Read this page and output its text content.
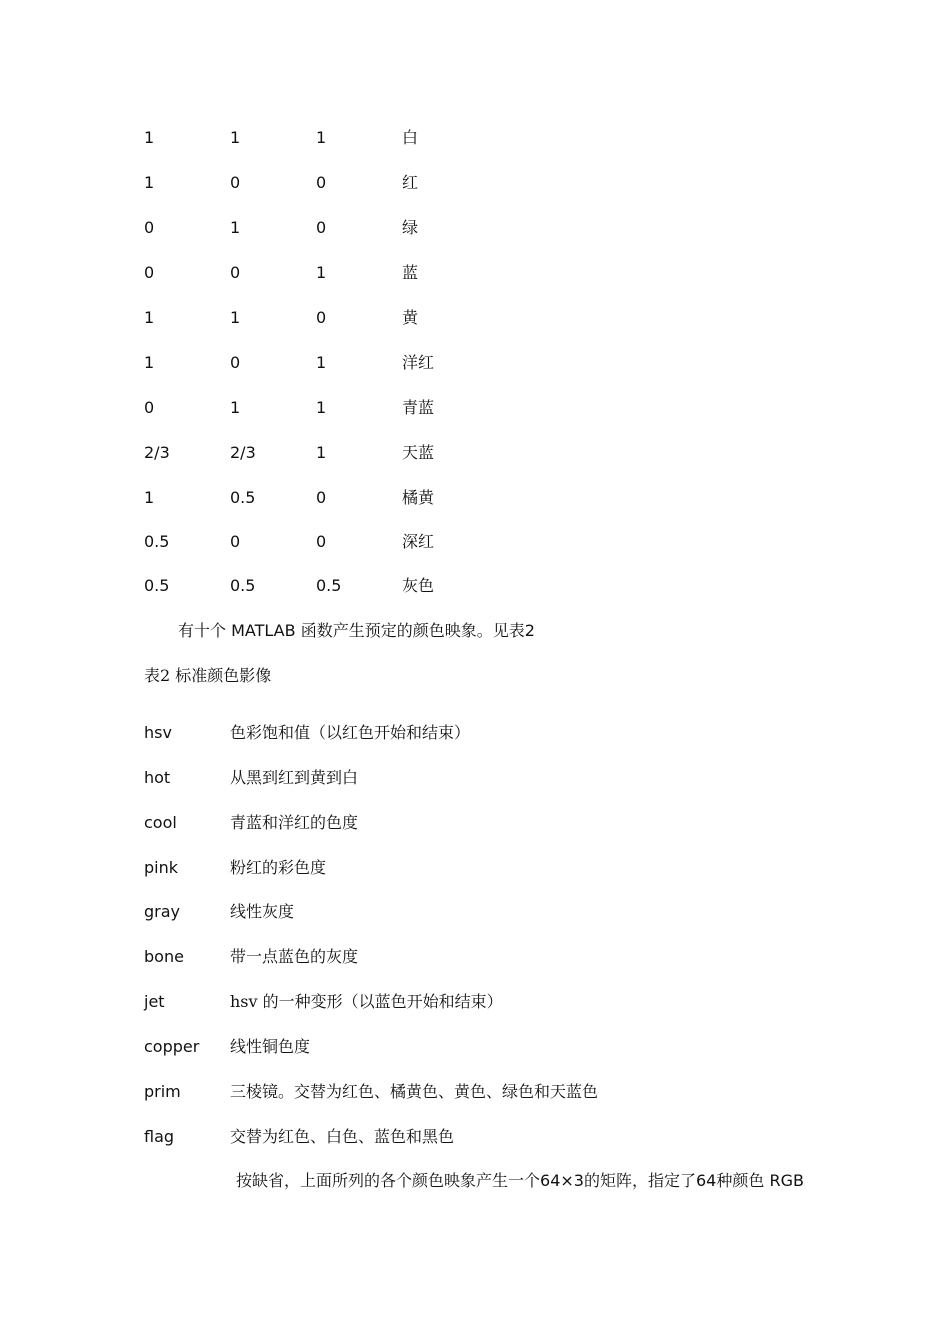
1	1	1	白
1	0	0	红
0	1	0	绿
0	0	1	蓝
1	1	0	黄
1	0	1	洋红
0	1	1	青蓝
2/3	2/3	1	天蓝
1	0.5	0	橘黄
0.5	0	0	深红
0.5	0.5	0.5	灰色
有十个 MATLAB 函数产生预定的颜色映象。见表2
表2 标准颜色影像
hsv	色彩饱和值（以红色开始和结束）
hot	从黑到红到黄到白
cool	青蓝和洋红的色度
pink	粉红的彩色度
gray	线性灰度
bone	带一点蓝色的灰度
jet	hsv 的一种变形（以蓝色开始和结束）
copper 线性铜色度
prim	三棱镜。交替为红色、橘黄色、黄色、绿色和天蓝色
flag	交替为红色、白色、蓝色和黑色
按缺省，上面所列的各个颜色映象产生一个64×3的矩阵，指定了64种颜色 RGB
